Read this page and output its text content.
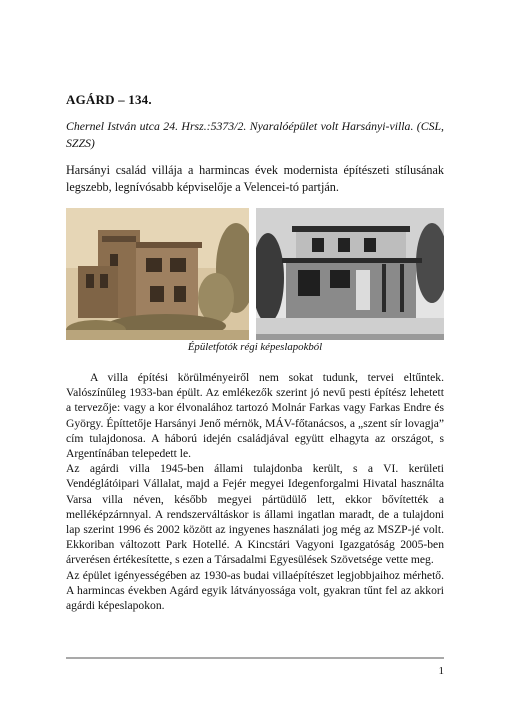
AGÁRD – 134.
Chernel István utca 24. Hrsz.:5373/2. Nyaralóépület volt Harsányi-villa. (CSL, SZZS)
Harsányi család villája a harmincas évek modernista építészeti stílusának legszebb, legnívósabb képviselője a Velencei-tó partján.
Épületfotók régi képeslapokból

A villa építési körülményeiről nem sokat tudunk, tervei eltűntek. Valószínűleg 1933-ban épült. Az emlékezők szerint jó nevű pesti építész lehetett a tervezője: vagy a kor élvonalához tartozó Molnár Farkas vagy Farkas Endre és György. Építtetője Harsányi Jenő mérnök, MÁV-főtanácsos, a „szent sír lovagja” cím tulajdonosa. A háború idején családjával együtt elhagyta az országot, s Argentínában telepedett le.

Az agárdi villa 1945-ben állami tulajdonba került, s a VI. kerületi Vendéglátóipari Vállalat, majd a Fejér megyei Idegenforgalmi Hivatal használta Varsa villa néven, később megyei pártüdülő lett, ekkor bővítették a melléképzárnnyal. A rendszerváltáskor is állami ingatlan maradt, de a tulajdoni lap szerint 1996 és 2002 között az ingyenes használati jog még az MSZP-jé volt. Ekkoriban változott Park Hotellé. A Kincstári Vagyoni Igazgatóság 2005-ben árverésen értékesítette, s ezen a Társadalmi Egyesülések Szövetsége vette meg.

Az épület igényességében az 1930-as budai villaépítészet legjobbjaihoz mérhető. A harmincas években Agárd egyik látványossága volt, gyakran tűnt fel az akkori agárdi képeslapokon.

1
